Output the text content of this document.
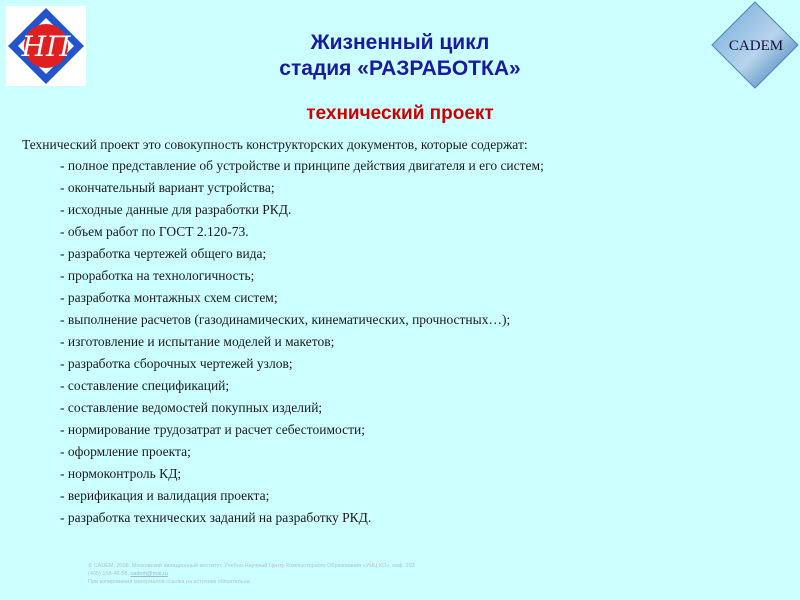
НП	CADEM
Жизненный цикл
стадия «РАЗРАБОТКА»
технический проект
Технический проект это совокупность конструкторских документов, которые содержат:
- полное представление об устройстве и принципе действия двигателя и его систем;
- окончательный вариант устройства;
- исходные данные для разработки РКД.
- объем работ по ГОСТ 2.120-73.
- разработка чертежей общего вида;
- проработка на технологичность;
- разработка монтажных схем систем;
- выполнение расчетов (газодинамических, кинематических, прочностных…);
- изготовление и испытание моделей и макетов;
- разработка сборочных чертежей узлов;
- составление спецификаций;
- составление ведомостей покупных изделий;
- нормирование трудозатрат и расчет себестоимости;
- оформление проекта;
- нормоконтроль КД;
- верификация и валидация проекта;
- разработка технических заданий на разработку РКД.
© CADEM, 2008. Московский авиационный институт. Учебно-Научный Центр Компьютерного Образования «УНЦ КО», каф. 203
(495) 158-46-58, cadem@mai.ru
При копировании материалов ссылка на источник обязательна
